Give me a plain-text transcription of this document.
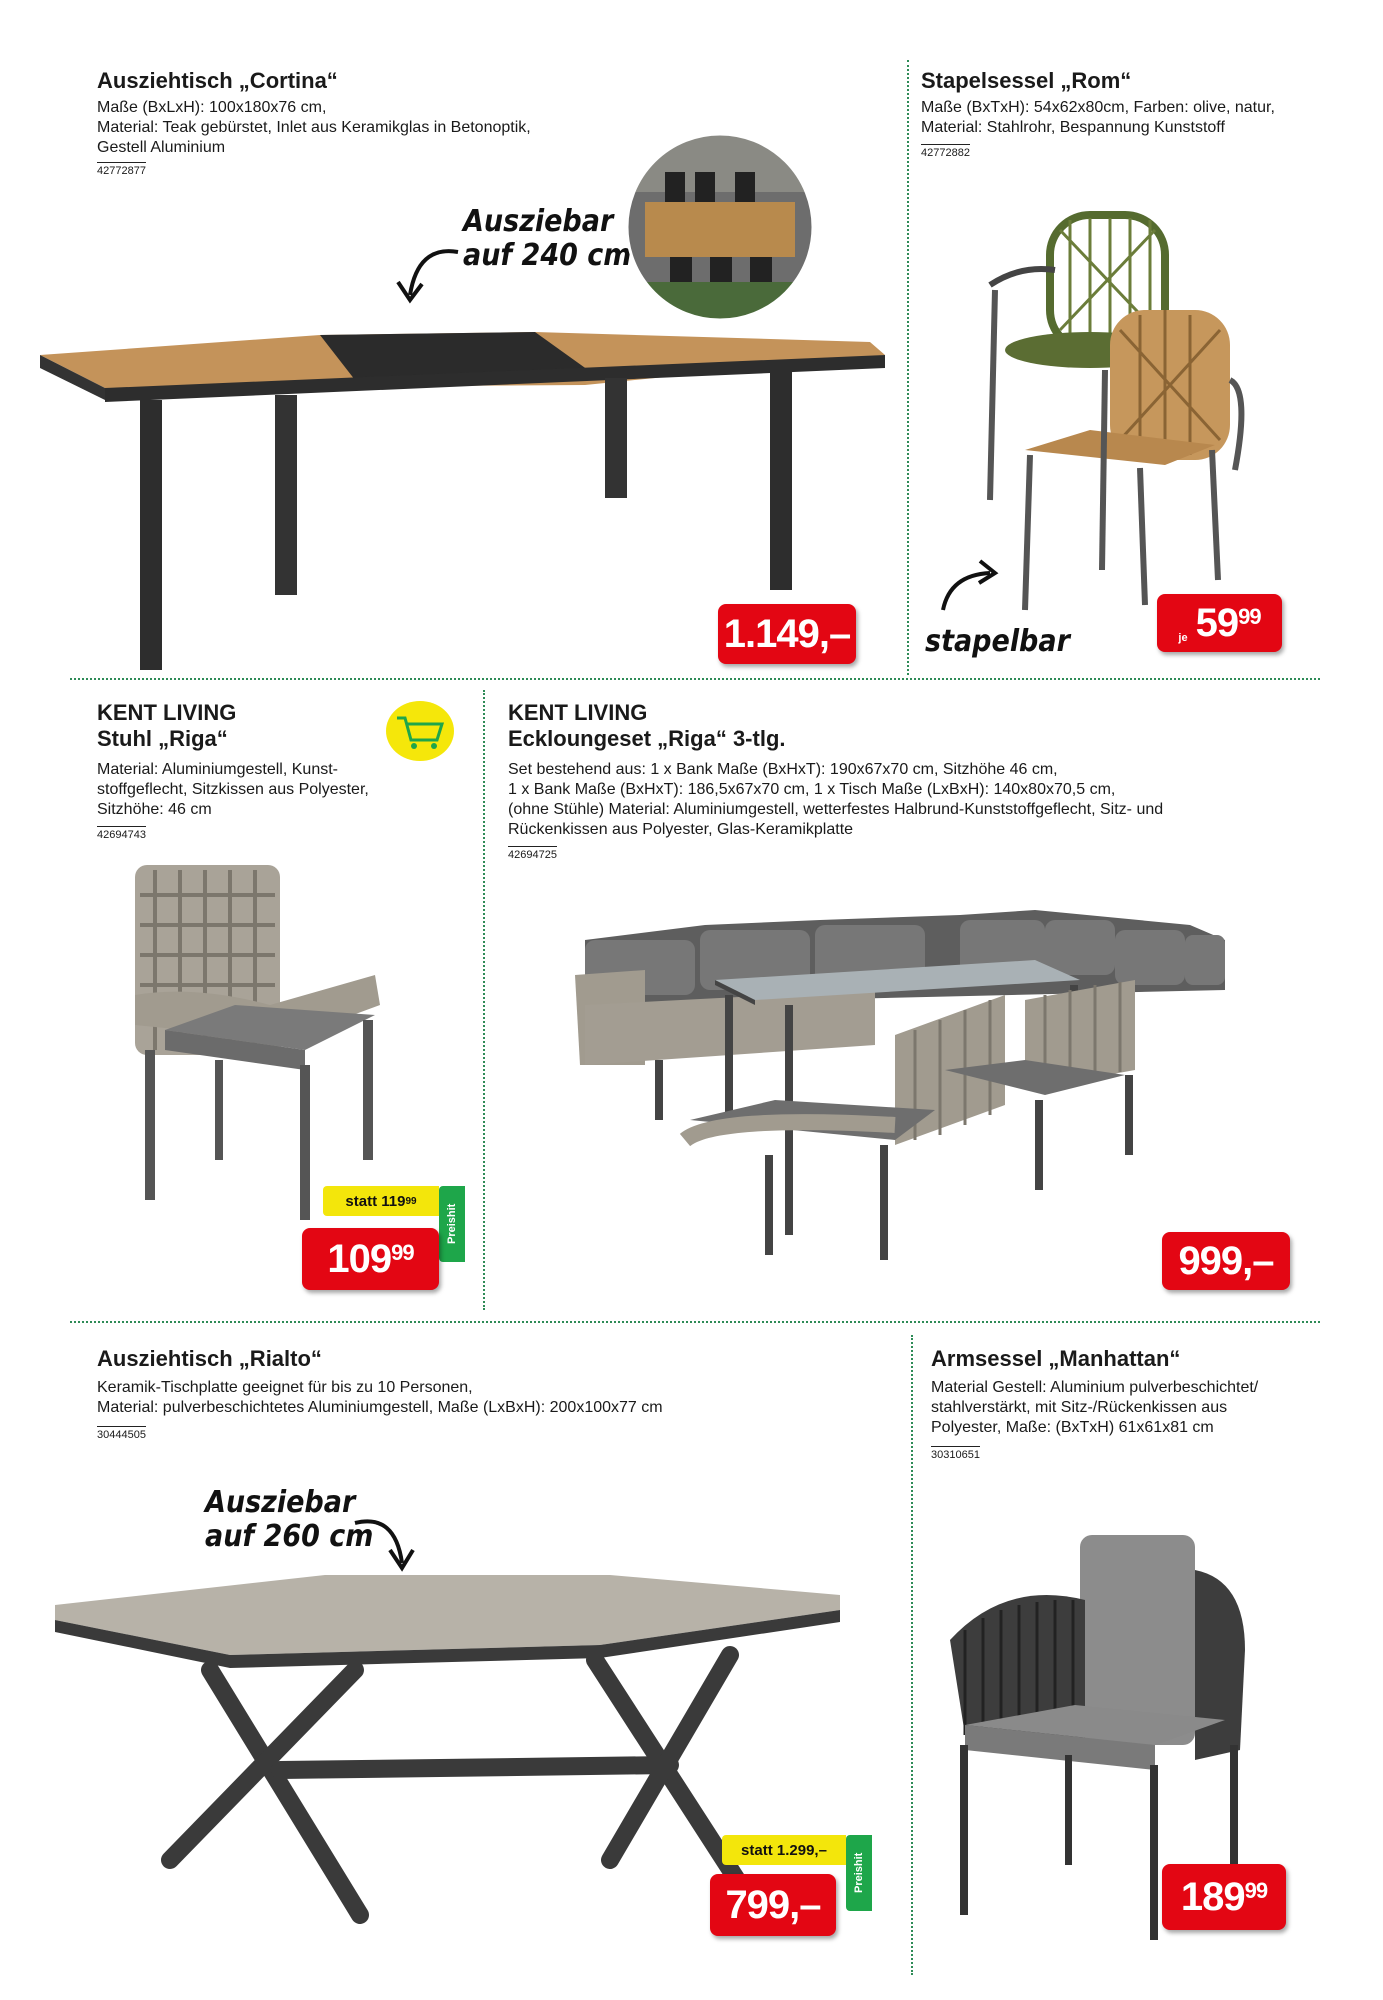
Ausziehtisch „Cortina“
Maße (BxLxH): 100x180x76 cm,
Material: Teak gebürstet, Inlet aus Keramikglas in Betonoptik,
Gestell Aluminium
42772877
Ausziebar
auf 240 cm
1.149,–
Stapelsessel „Rom“
Maße (BxTxH): 54x62x80cm, Farben: olive, natur,
Material: Stahlrohr, Bespannung Kunststoff
42772882
stapelbar	je $59^{99}$
KENT LIVING
Stuhl „Riga“
Material: Aluminiumgestell, Kunst-
stoffgeflecht, Sitzkissen aus Polyester,
Sitzhöhe: 46 cm
42694743
statt 119 99
Preishit
$109^{99}$
KENT LIVING
Eckloungeset „Riga“ 3-tlg.
Set bestehend aus: 1 x Bank Maße (BxHxT): 190x67x70 cm, Sitzhöhe 46 cm,
1 x Bank Maße (BxHxT): 186,5x67x70 cm, 1 x Tisch Maße (LxBxH): 140x80x70,5 cm,
(ohne Stühle) Material: Aluminiumgestell, wetterfestes Halbrund-Kunststoffgeflecht, Sitz- und
Rückenkissen aus Polyester, Glas-Keramikplatte
42694725
999,–
Ausziehtisch „Rialto“
Keramik-Tischplatte geeignet für bis zu 10 Personen,
Material: pulverbeschichtetes Aluminiumgestell, Maße (LxBxH): 200x100x77 cm
30444505
Ausziebar
auf 260 cm
statt 1.299,–
Preishit
799,–
Armsessel „Manhattan“
Material Gestell: Aluminium pulverbeschichtet/
stahlverstärkt, mit Sitz-/Rückenkissen aus
Polyester, Maße: (BxTxH) 61x61x81 cm
30310651
$189^{99}$
